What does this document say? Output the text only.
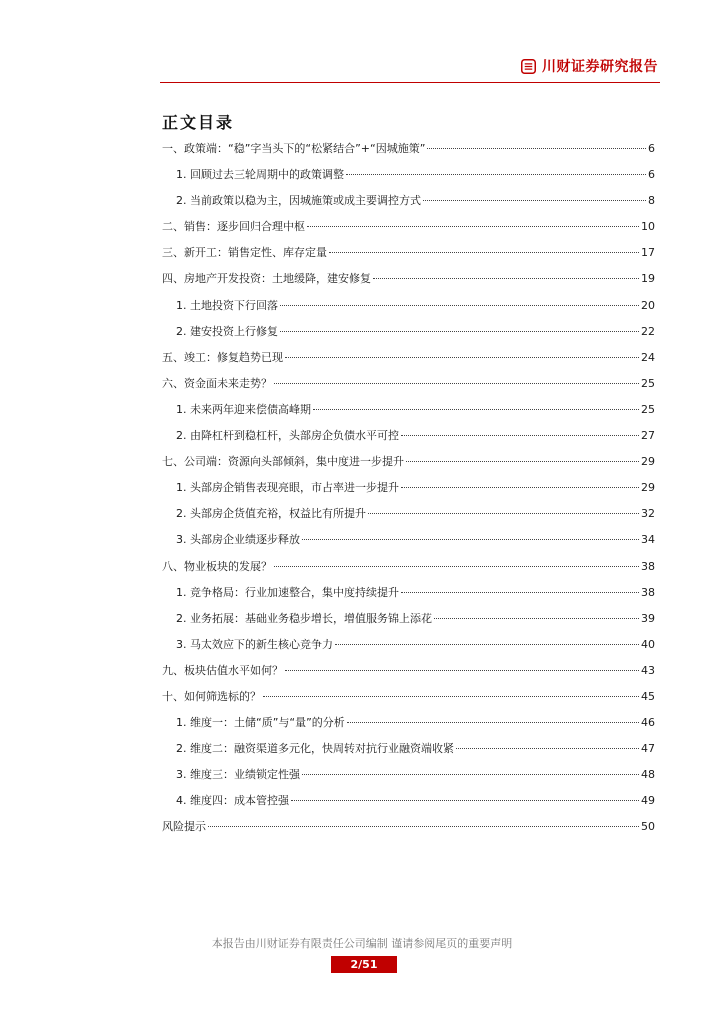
川财证券研究报告
正文目录
一、政策端：“稳”字当头下的“松紧结合”+“因城施策”	6
1. 回顾过去三轮周期中的政策调整	6
2. 当前政策以稳为主，因城施策或成主要调控方式	8
二、销售：逐步回归合理中枢	10
三、新开工：销售定性、库存定量	17
四、房地产开发投资：土地缓降，建安修复	19
1. 土地投资下行回落	20
2. 建安投资上行修复	22
五、竣工：修复趋势已现	24
六、资金面未来走势？	25
1. 未来两年迎来偿债高峰期	25
2. 由降杠杆到稳杠杆，头部房企负债水平可控	27
七、公司端：资源向头部倾斜，集中度进一步提升	29
1. 头部房企销售表现亮眼，市占率进一步提升	29
2. 头部房企货值充裕，权益比有所提升	32
3. 头部房企业绩逐步释放	34
八、物业板块的发展？	38
1. 竞争格局：行业加速整合，集中度持续提升	38
2. 业务拓展：基础业务稳步增长，增值服务锦上添花	39
3. 马太效应下的新生核心竞争力	40
九、板块估值水平如何？	43
十、如何筛选标的？	45
1. 维度一：土储“质”与“量”的分析	46
2. 维度二：融资渠道多元化，快周转对抗行业融资端收紧	47
3. 维度三：业绩锁定性强	48
4. 维度四：成本管控强	49
风险提示	50
本报告由川财证券有限责任公司编制 谨请参阅尾页的重要声明
2/51
